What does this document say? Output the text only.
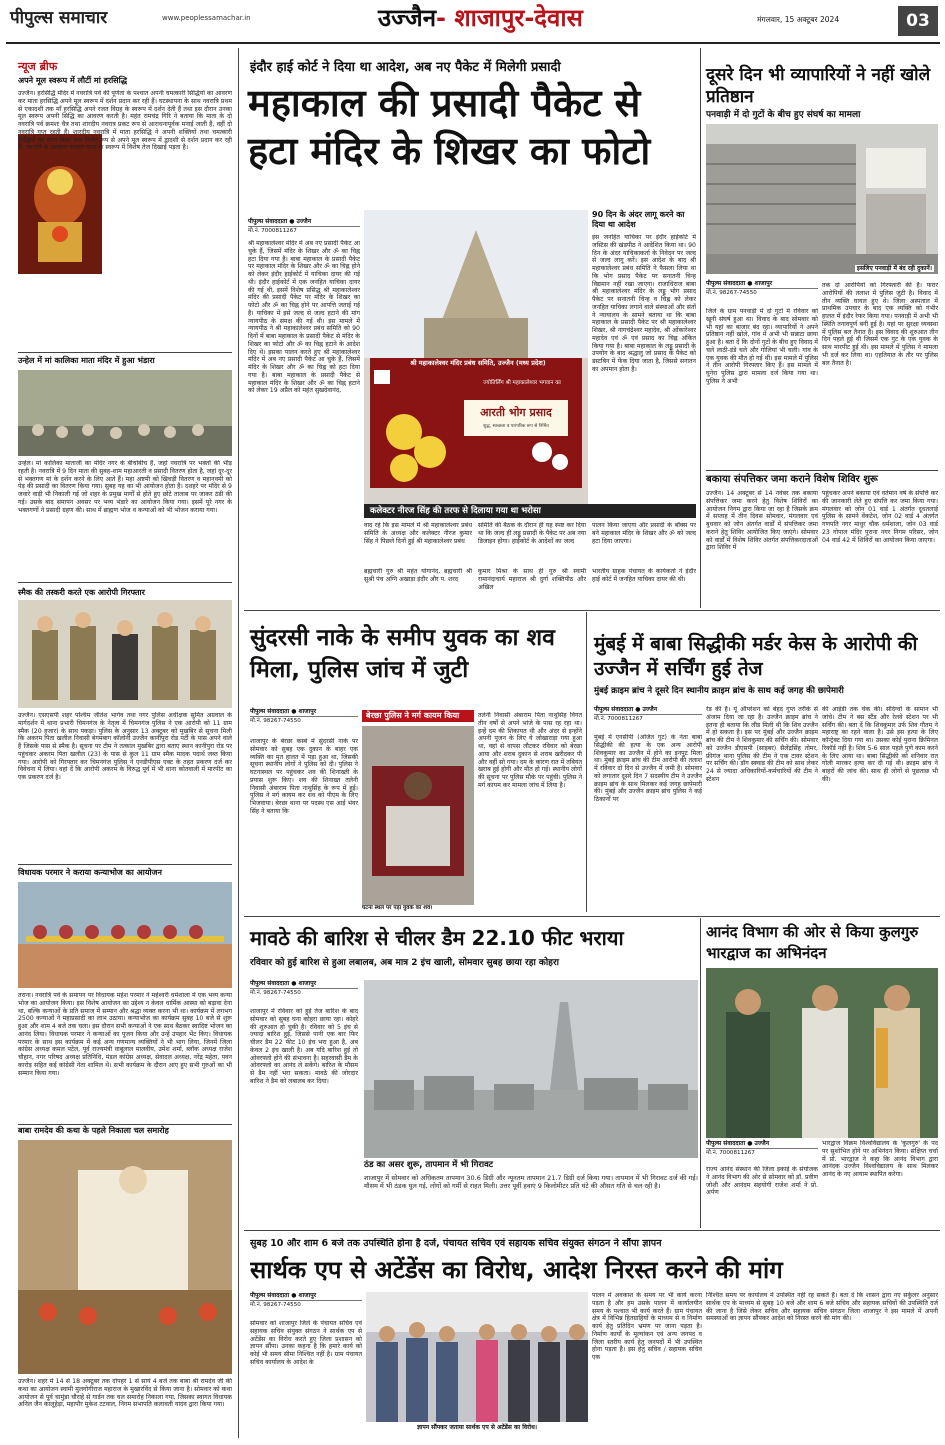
पीपुल्स समाचार	www.peoplessamachar.in	उज्जैन- शाजापुर-देवास	मंगलवार, 15 अक्टूबर 2024	03
न्यूज ब्रीफ
अपने मूल स्वरूप में लौटीं मां हरसिद्धि
उज्जैन। हरसिद्धि मंदिर में नवरात्रि पर्व की पूर्णता के पश्चात अपनी चमत्कारी सिद्धियों का आवरण कर माता हरसिद्धि अपने मूल स्वरूप में दर्शन प्रदान कर रही हैं। घटस्थापना के साथ नवरात्रि प्रथम से एकादशी तक माँ हरसिद्धि अपने रजत विग्रह के स्वरूप में दर्शन देती हैं तथा इस दौरान उनका मूल स्वरूप अपनी सिद्धि का आवरण करती है। महंत रामचंद्र गिरि ने बताया कि माता के दो नवरात्रि पर्व क्रमशः चैत्र तथा शारदीय नवरात्र प्रकट रूप से आराधनापूर्वक मनाई जाती हैं, वहीं दो नवरात्रि गुप्त रहती हैं। शारदीय नवरात्रि में माता हरसिद्धि ने अपनी शक्तियों तथा चमत्कारी सिद्धियों का वरण किया तथा निर्मल रूप से अपने मूल स्वरूप में द्वादशी से दर्शन प्रदान कर रही हैं। नवरात्रि के आवरण पश्चात माता के स्वरूप में विशेष तेज दिखाई पड़ता है।
उन्हेल में मां कालिका माता मंदिर में हुआ भंडारा
उन्हेल। मां कालिका माताजी का मंदिर नगर के बीचोंबीच है, जहां नवरात्रि पर भक्तों की भीड़ रहती है। नवरात्रि में 9 दिन माता की सुबह-शाम महाआरती व प्रसादी वितरण होता है, जहां दूर-दूर से भक्तगण मां के दर्शन करने के लिए आते हैं। महा अष्टमी को खिचड़ी वितरण व महानवमी को पेड़ की प्रसादी का वितरण किया गया। सुबह यह का भी आयोजन होता है। दशहरे पर मंदिर से 9 जवारे वाड़ी भी निकाली गई जो शहर के प्रमुख मार्गों से होते हुए छोटे तालाब पर जाकर ठंडी की गई। उसके बाद समापन अवसर पर भव्य भंडारे का आयोजन किया गया। इसमें पूरे नगर के भक्तगणों ने प्रसादी ग्रहण की। साथ में ब्राह्मण भोज व कन्याओं को भी भोजन कराया गया।
स्मैक की तस्करी करते एक आरोपी गिरफ्तार
उज्जैन। एसएसपी शहर पश्चिम जीतेश भार्गव तथा नगर पुलिस अधीक्षक सुमित अग्रवाल के मार्गदर्शन में थाना प्रभारी चिमनगंज के नेतृत्व में चिमनगंज पुलिस ने एक आरोपी को 11 ग्राम स्मैक (20 हजार) के साथ पकड़ा। पुलिस के अनुसार 13 अक्टूबर को मुखबिर से सूचना मिली कि अकरम पिता खलील निवासी बेगमबाग कॉलोनी उज्जैन कानीपुरा रोड पर्टी के पास अपने वाले है जिसके पास से स्मैक है। सूचना पर टीम ने तत्काल मुखबिर द्वारा बताए स्थान कानीपुरा रोड पर पहुंचकर अकरम पिता खलील (23) के पास से कुल 11 ग्राम स्मैक मादक पदार्थ जब्त किया गया। आरोपी को गिरफ्तार कर चिमनगंज पुलिस ने एनडीपीएस एक्ट के तहत प्रकरण दर्ज कर विवेचना में लिया। वहां दें कि आरोपी अकरम के विरुद्ध पूर्व में भी थाना कोतवाली में मारपीट का एक प्रकरण दर्ज है।
विधायक परमार ने कराया कन्याभोज का आयोजन
तराना। नवरात्रि पर्व के समापन पर विधायक महेश परमार ने महेश्वरी धर्मशाला में एक भव्य कन्या भोज का आयोजन किया। इस विशेष आयोजन का उद्देश्य न केवल धार्मिक आस्था को बढ़ावा देना था, बल्कि कन्याओं के प्रति समाज में सम्मान और श्रद्धा व्यक्त करना भी था। कार्यक्रम में लगभग 2500 कन्याओं ने महाप्रसादी का लाभ उठाया। कन्याभोज का कार्यक्रम सुबह 10 बजे से शुरू हुआ और शाम 4 बजे तक चला। इस दौरान सभी कन्याओं ने एक साथ बैठकर स्वादिष्ट भोजन का आनंद लिया। विधायक परमार ने कन्याओं का पूजन किया और उन्हें उपहार भेंट किए। विधायक परमार के साथ इस कार्यक्रम में कई अन्य गणमान्य व्यक्तियों ने भी भाग लिया, जिनमें जिला कांग्रेस अध्यक्ष कमल पटेल, पूर्व राज्यमंत्री वाबूलाल मालवीय, उमेश शर्मा, ब्लॉक अध्यक्ष राजेश चौहान, नगर परिषद अध्यक्ष प्रतिनिधि, मंडल कांग्रेस अध्यक्ष, सेवादल अध्यक्ष, नरेंद्र महेता, पवन कारोड़ सहित कई कांग्रेसी नेता शामिल थे। सभी कार्यक्रम के दौरान आए हुए सभी गुरुओं का भी सम्मान किया गया।
बाबा रामदेव की कथा के पहले निकाला चल समारोह
उज्जैन। शहर में 14 से 18 अक्टूबर तक दोपहर 1 से सायं 4 बजे तक बाबा श्री रामदेव जी की कथा का आयोजन स्वामी मुलगोगीराज महाराज के मुखारविंद से किया जाना है। सोमवार को कथा आयोजन से पूर्व चामुंडा चौराहे से गार्डन तक चल समारोह निकाला गया, जिसका स्वागत विधायक अनिल जैन कालूहेड़ा, महापौर मुकेश टटवाल, निगम सभापति कलावती यादव द्वारा किया गया।
इंदौर हाई कोर्ट ने दिया था आदेश, अब नए पैकेट में मिलेगी प्रसादी
महाकाल की प्रसादी पैकेट से हटा मंदिर के शिखर का फोटो
पीपुल्स संवाददाता ● उज्जैन
मो.नं. 7000811267
श्री महाकालेश्वर मंदिर में अब नए प्रसादी पैकेट आ चुके हैं, जिसमें मंदिर के शिखर और ॐ का चिह्न हटा दिया गया है। बाबा महाकाल के प्रसादी पैकेट पर महाकाल मंदिर के शिखर और ॐ का चिह्न होने को लेकर इंदौर हाईकोर्ट में याचिका दायर की गई थी। इंदौर हाईकोर्ट में एक जनहित याचिका दायर की गई थी, इसमें विशेष प्रसिद्ध श्री महाकालेश्वर मंदिर की प्रसादी पैकेट पर मंदिर के शिखर का फोटो और ॐ का चिह्न होने पर आपत्ति जताई गई है। याचिका में इसे जल्द से जल्द हटाने की मांग न्यायपीठ के समक्ष की गई थी। इस मामले में न्यायपीठ ने श्री महाकालेश्वर प्रबंध समिति को 90 दिनों में बाबा महाकाल के प्रसादी पैकेट से मंदिर के शिखर का फोटो और ॐ का चिह्न हटाने के आदेश दिए थे। इसका पालन करते हुए श्री महाकालेश्वर मंदिर में अब नए प्रसादी पैकेट आ चुके हैं, जिसमें मंदिर के शिखर और ॐ का चिह्न को हटा दिया गया है। बाबा महाकाल के प्रसादी पैकेट से महाकाल मंदिर के शिखर और ॐ का चिह्न हटाने को लेकर 19 अप्रैल को महंत सुखदेवानंद,
श्री महाकालेश्वर मंदिर प्रबंध समिति, उज्जैन (मध्य प्रदेश)
ज्योतिर्लिंग श्री महाकालेश्वर भगवान का
आरती भोग प्रसाद
शुद्ध, स्वच्छता व पारंपरिक रूप से निर्मित
90 दिन के अंदर लागू करने का दिया था आदेश
इस जनहित याचिका पर इंदौर हाईकोर्ट में जस्टिस की खंडपीठ ने आदेशित किया था। 90 दिन के अंदर याचिकाकर्ता के निवेदन पर जल्द से जल्द लागू करें। इस आदेश के बाद श्री महाकालेश्वर प्रबंध समिति ने फैसला लिया था कि भोग प्रसाद पैकेट पर सनातनी चिन्ह विद्यमान नहीं रखा जाएगा। राजाधिराज बाबा श्री महाकालेश्वर मंदिर के लड्डू भोग प्रसाद पैकेट पर सनातनी चिन्ह व चिह्न को लेकर जनहित याचिका लगाने वाले संस्थाओं और संतों ने न्यायालय के सामने बताया था कि बाबा महाकाल के प्रसादी पैकेट पर श्री महाकालेश्वर शिखर, श्री नागचंद्रेश्वर महादेव, श्री ओंकारेश्वर महादेव एवं ॐ एवं प्रसाद का चिह्न अंकित किया गया है। बाबा महाकाल के लड्डू प्रसादी के उपयोग के बाद श्रद्धालु जो प्रसाद के पैकेट को डस्टबिन में फेंक दिया जाता है, जिससे सनातन का अपमान होता है।
कलेक्टर नीरज सिंह की तरफ से दिलाया गया था भरोसा
वाद रहे कि इस मामले में श्री महाकालेश्वर प्रबंध समिति के अध्यक्ष और कलेक्टर नीरज कुमार सिंह ने पिछले दिनों हुई श्री महाकालेश्वर प्रबंध
समिति की बैठक के दौरान ही यह स्पष्ट कर दिया था कि जल्द ही लड्डू प्रसादी के पैकेट पर अब नया डिजाइन होगा। हाईकोर्ट के आदेशों का जल्द
पालन किया जाएगा और प्रसादी के बॉक्स पर बने महाकाल मंदिर के शिखर और ॐ को जल्द हटा दिया जाएगा।
ब्रह्मचारी गुरु श्री महंत योगानंद, ब्रह्मचारी श्री सुश्री पंच अग्नि अखाड़ा इंदौर और प. शरद
कुमार मिश्रा के साथ ही गुरु श्री स्वामी रामानंदाचार्य महाराज श्री दुर्गा शक्तिपीठ और अखिल
भारतीय ग्राहक पंचायत के कार्यकर्ता ने इंदौर हाई कोर्ट में जनहित याचिका दायर की थी।
दूसरे दिन भी व्यापारियों ने नहीं खोले प्रतिष्ठान
पनवाड़ी में दो गुटों के बीच हुए संघर्ष का मामला
इसलिए पनवाड़ी में बंद रही दुकानें।
पीपुल्स संवाददाता ● शाजापुर
मो.नं. 98267-74550
जिले के ग्राम पनवाड़ी में दो गुटों में रविवार को खूनी संघर्ष हुआ था। विवाद के बाद सोमवार को भी यहां का बाजार बंद रहा। व्यापारियों ने अपने प्रतिष्ठान नहीं खोले, गांव में अभी भी सन्नाटा छाया हुआ है। बता दें कि दोनों गुटों के बीच हुए विवाद में चले लाठी-डंडे चले और गोलियां भी चली। गांव के एक युवक की मौत हो गई थी। इस मामले में पुलिस ने तीन आरोपी गिरफ्तार किए हैं। इस मामले में घुनेरा पुलिस द्वारा मामला दर्ज किया गया था। पुलिस ने अभी
तक दो आरोपियों को गिरफ्तारी की है। फरार आरोपियों की तलाश में पुलिस जुटी है। विवाद में तीन व्यक्ति घायल हुए थे। जिला अस्पताल में प्राथमिक उपचार के बाद एक व्यक्ति को गंभीर हालत में इंदौर रेफर किया गया। पनवाड़ी में अभी भी स्थिति तनावपूर्ण बनी हुई है। यहां पर सुरक्षा व्यवस्था में पुलिस बल तैनात है। इस विवाद की शुरुआत तीन दिन पहले हुई थी जिसमें एक गुट के एक युवक के साथ मारपीट हुई थी। इस मामले में पुलिस ने मामला भी दर्ज कर लिया था। एहतियात के तौर पर पुलिस बल तैनात है।
बकाया संपत्तिकर जमा कराने विशेष शिविर शुरू
उज्जैन। 14 अक्टूबर से 14 नवंबर तक बकाया संपत्तिकर जमा करने हेतु विशेष शिविरों का आयोजन निगम द्वारा किया जा रहा है जिसके क्रम में सप्ताह में तीन दिवस सोमवार, मंगलवार एवं बुधवार को जोन अंतर्गत वार्डों में संपत्तिकर जमा कराने हेतु शिविर आयोजित किए जाएंगे। सोमवार को वार्डों में विशेष शिविर अंतर्गत संपत्तिकरदाताओं द्वारा शिविर में
पहुंचकर अपने बकाया एवं वर्तमान वर्ष के संपत्ति कर की जानकारी लेते हुए संपत्ति कर जमा किया गया। मंगलवार को जोन 01 वार्ड 1 अंतर्गत दूधतलाई पुलिस के सामने वेंकटेश, जोन 02 वार्ड 4 अंतर्गत गणपति नगर माधुर चौक धर्मशाला, जोन 03 वार्ड 23 गोपाल मंदिर पुराना नगर निगम परिसर, जोन 04 वार्ड 42 में शिविरों का आयोजन किया जाएगा।
सुंदरसी नाके के समीप युवक का शव मिला, पुलिस जांच में जुटी
पीपुल्स संवाददाता ● शाजापुर
मो.नं. 98267-74550
शाजापुर के बेरछा कस्बे में सुंदरसी नाके पर सोमवार को सुबह एक दुकान के बाहर एक व्यक्ति का मृत हालत में पड़ा हुआ था, जिसकी सूचना स्थानीय लोगों ने पुलिस को दी। पुलिस ने घटनास्थल पर पहुंचकर शव की शिनाख्ती के प्रयास शुरू किए। शव की शिनाख्त तलेनी निवासी अंबाराम पिता नाथुसिंह के रूप में हुई। पुलिस ने मर्ग कायम कर शव को पीएम के लिए भिजवाया। बेरछा थाना पर पदस्थ एस आई भंवर सिंह ने बताया कि
बेरछा पुलिस ने मर्ग कायम किया
घटना स्थल पर पड़ा युवक का शव।
तलेनी निवासी अंबाराम पिता नाथुसिंह विगत तीन वर्षों से अपने भांजे के पास रह रहा था। इन्हें दम की शिकायत थी और अंदर से इन्होंने अपनी पूजन के लिए ये जोखाराड़ा गया हुआ था, वहां से वापस लौटकर रविवार को बेरछा आया और शराब दुकान से शराब खरीदकर पी और वहीं सो गया। दम के कारण रात में तबियत खराब हुई होगी और मौत हो गई। स्थानीय लोगों की सूचना पर पुलिस मौके पर पहुंची। पुलिस ने मर्ग कायम कर मामला जांच में लिया है।
मुंबई में बाबा सिद्धीकी मर्डर केस के आरोपी की उज्जैन में सर्चिंग हुई तेज
मुंबई क्राइम ब्रांच ने दूसरे दिन स्थानीय क्राइम ब्रांच के साथ कई जगह की छापेमारी
पीपुल्स संवाददाता ● उज्जैन
मो.नं. 7000811267
मुंबई में एनसीपी (अजित गुट) के नेता बाबा सिद्धीकी की हत्या के एक अन्य आरोपी शिवकुमार का उज्जैन में होने का इनपुट मिला था। मुंबई क्राइम ब्रांच की टीम आरोपी की तलाश में रविवार दो दिन से उज्जैन में जमी है। सोमवार को लगातार दूसरे दिन 7 सदस्यीय टीम ने उज्जैन क्राइम ब्रांच के साथ मिलकर कई जगह छापेमारी की। मुंबई और उज्जैन क्राइम ब्रांच पुलिस ने कई ठिकानों पर
रेड की है। यूं ऑपरेशन को बेहद गुप्त तरीके से अंजाम दिया जा रहा है। उज्जैन क्राइम ब्रांच ने इतना ही बताया कि लीड मिली थी कि शिव उज्जैन में हो सकता है। इस पर मुंबई और उज्जैन क्राइम ब्रांच की टीम ने शिवकुमार की सर्चिंग की। सोमवार को उज्जैन डीएसपी (साइबर) सैलेंद्रसिंह तोमर, फ्रीगंज थाना पुलिस की टीम ने एक टावर स्टेशन पर सर्चिंग की। डॉग स्क्वाड की टीम को साथ लेकर 24 से ज्यादा अधिकारियों-कर्मचारियों की टीम ने स्टेशन
की आईडी तक चेक की। संदिग्धों के सामान भी जांचे। टीम ने बस स्टैंड और रेलवे स्टेशन पर भी सर्चिंग की। बता दें कि शिवकुमार उर्फ शिव गौतम ने महाराष्ट्र का रहने वाला है। उसे इस हत्या के लिए कॉन्ट्रेक्ट दिया गया था। उसका कोई पुराना क्रिमिनल रिकॉर्ड नहीं है। शिव 5-6 साल पहले पुणे काम करने के लिए आया था। बाबा सिद्धीकी को शनिवार रात गोली मारकर हत्या कर दी गई थी। क्राइम ब्रांच ने बाहरों की जांच की। साथ ही लोगों से पूछताछ भी की।
मावठे की बारिश से चीलर डैम 22.10 फीट भराया
रविवार को हुई बारिश से हुआ लबालब, अब मात्र 2 इंच खाली, सोमवार सुबह छाया रहा कोहरा
पीपुल्स संवाददाता ● शाजापुर
मो.नं. 98267-74550
शाजापुर में रविवार को हुई तेज बारिश के बाद सोमवार को सुबह घना कोहरा छाया रहा। कोहरे की शुरुआत हो चुकी है। रविवार को 5 इंच से ज्यादा बारिश हुई, जिससे पानी एक बार फिर चीलर डैम 22 फीट 10 इंच भरा हुआ है, अब केवल 2 इंच खाली है। अब यदि बारिश हुई तो ओवरफ्लो होने की संभावना है। सहरवासी डैम के ओवरफ्लो का आनंद ले सकेंगे। बारिश के मौसम से डैम नहीं भरा सकता। मावठे की जोरदार बारिश ने डैम को लबालब कर दिया।
ठंड का असर शुरू, तापमान में भी गिरावट
शाजापुर में सोमवार को अधिकतम तापमान 30.6 डिग्री और न्यूनतम तापमान 21.7 डिग्री दर्ज किया गया। तापमान में भी गिरावट दर्ज की गई। मौसम में भी ठंडक घुल गई, लोगों को गर्मी से राहत मिली। उत्तर पूर्वी हवाएं 9 किलोमीटर प्रति घंटे की औसत गति से चल रही है।
आनंद विभाग की ओर से किया कुलगुरु भारद्वाज का अभिनंदन
पीपुल्स संवाददाता ● उज्जैन
मो.नं. 7000811267
राज्य आनंद संस्थान की जिला इकाई के संयोजक ने आनंद विभाग की ओर से सोमवार को डॉ. प्रवीण जोशी और आनंदम सहयोगी राजेश शर्मा ने प्रो. अर्पण
भारद्वाज विक्रम विश्वविद्यालय के 'कुलगुरु' के पद पर सुशोभित होने पर अभिनंदन किया। संक्षिप्त चर्चा में प्रो. भारद्वाज ने कहा कि आनंद विभाग द्वारा आनंदक उज्जैन विश्वविद्यालय के साथ मिलकर आनंद के नए आयाम स्थापित करेगा।
सुबह 10 और शाम 6 बजे तक उपस्थिति होना है दर्ज, पंचायत सचिव एवं सहायक सचिव संयुक्त संगठन ने सौंपा ज्ञापन
सार्थक एप से अटेंडेंस का विरोध, आदेश निरस्त करने की मांग
पीपुल्स संवाददाता ● शाजापुर
मो.नं. 98267-74550
सोमवार को शाजापुर जिले के पंचायत सचिव एवं सहायक सचिव संयुक्त संगठन ने सार्थक एप से अटेंडेंस का विरोध करते हुए जिला प्रशासन को ज्ञापन सौंपा। उनका कहना है कि हमारे कार्य को कोई भी समय सीमा निश्चित नहीं है। ग्राम पंचायत सचिव कार्यालय के आदेश के
ज्ञापन सौंपकर जताया सार्थक एप से अटेंडेंस का विरोध।
पालन में अवकाश के समय पर भी कार्य करना पड़ता है और हम उसके पालन में कार्यालयीन समय के पश्चात भी कार्य करते हैं। ग्राम पंचायत क्षेत्र में विभिन्न हितग्राहियों के माध्यम से व निर्माण कार्य हेतु प्रतिदिन भ्रमण पर जाना पड़ता है। निर्माण कार्यों के मूल्यांकन एवं अन्य जनपद व जिला स्तरीय कार्य हेतु जनपदों में भी उपस्थित होना पड़ता है। इस हेतु सचिव / सहायक सचिव एक
निश्चित समय पर कार्यालय में उपस्थित नहीं रह सकते हैं। बता दें कि शासन द्वारा नए सर्कुलर अनुसार सार्थक एप के माध्यम से सुबह 10 बजे और शाम 6 बजे सचिव और सहायक सचिवों की उपस्थिति दर्ज की जाना है जिसे लेकर सचिव और सहायक सचिव संगठन जिला शाजापुर ने इस मामले में अपनी समस्याओं का ज्ञापन सौंपकर आदेश को निरस्त करने की मांग की।
